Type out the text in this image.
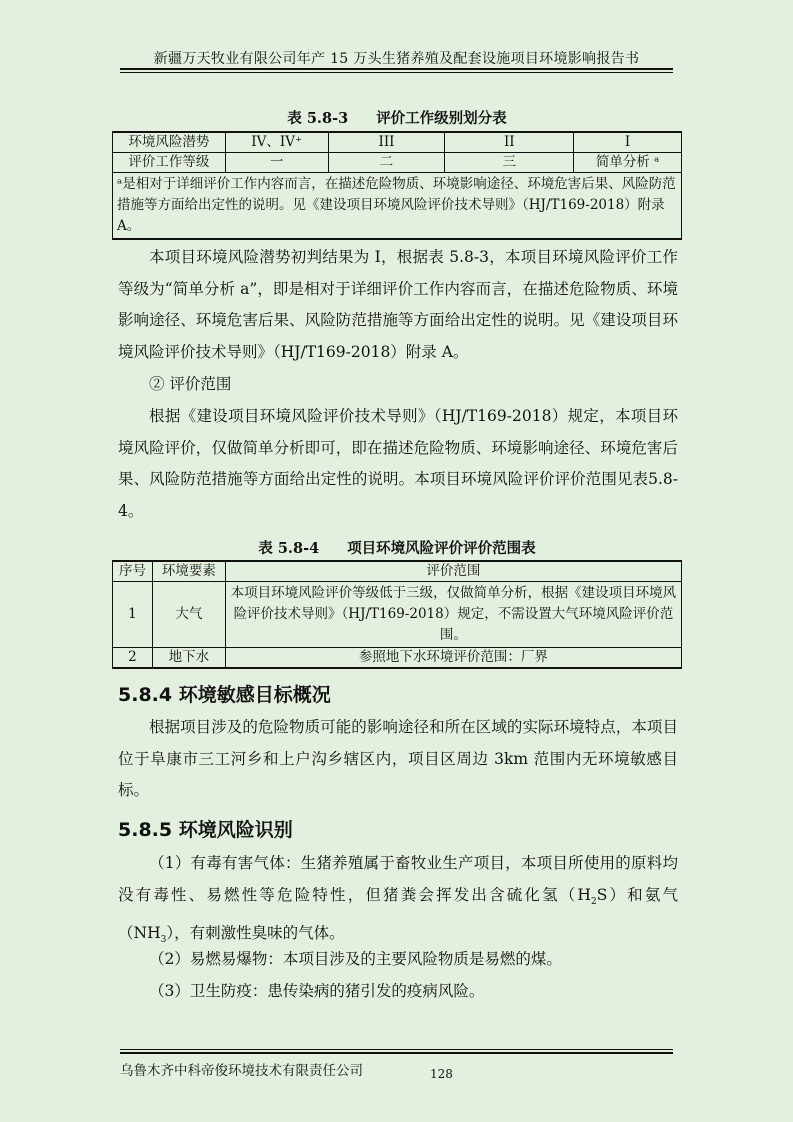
新疆万天牧业有限公司年产 15 万头生猪养殖及配套设施项目环境影响报告书
表 5.8-3 评价工作级别划分表
环境风险潜势	IV、IV⁺	III	II	I
评价工作等级	一	二	三	简单分析 ᵃ
ᵃ是相对于详细评价工作内容而言，在描述危险物质、环境影响途径、环境危害后果、风险防范措施等方面给出定性的说明。见《建设项目环境风险评价技术导则》（HJ/T169-2018）附录 A。				

本项目环境风险潜势初判结果为 I，根据表 5.8-3，本项目环境风险评价工作等级为“简单分析 a”，即是相对于详细评价工作内容而言，在描述危险物质、环境影响途径、环境危害后果、风险防范措施等方面给出定性的说明。见《建设项目环境风险评价技术导则》（HJ/T169-2018）附录 A。

② 评价范围

根据《建设项目环境风险评价技术导则》（HJ/T169-2018）规定，本项目环境风险评价，仅做简单分析即可，即在描述危险物质、环境影响途径、环境危害后果、风险防范措施等方面给出定性的说明。本项目环境风险评价评价范围见表5.8-4。

表 5.8-4 项目环境风险评价评价范围表
序号	环境要素	评价范围
1	大气	本项目环境风险评价等级低于三级，仅做简单分析，根据《建设项目环境风险评价技术导则》（HJ/T169-2018）规定，不需设置大气环境风险评价范围。
2	地下水	参照地下水环境评价范围：厂界
5.8.4 环境敏感目标概况

根据项目涉及的危险物质可能的影响途径和所在区域的实际环境特点，本项目位于阜康市三工河乡和上户沟乡辖区内，项目区周边 3km 范围内无环境敏感目标。

5.8.5 环境风险识别

（1）有毒有害气体：生猪养殖属于畜牧业生产项目，本项目所使用的原料均没有毒性、易燃性等危险特性，但猪粪会挥发出含硫化氢$(H_2S)$和氨气$(NH_3)$，有刺激性臭味的气体。

（2）易燃易爆物：本项目涉及的主要风险物质是易燃的煤。

（3）卫生防疫：患传染病的猪引发的疫病风险。

乌鲁木齐中科帝俊环境技术有限责任公司	128
